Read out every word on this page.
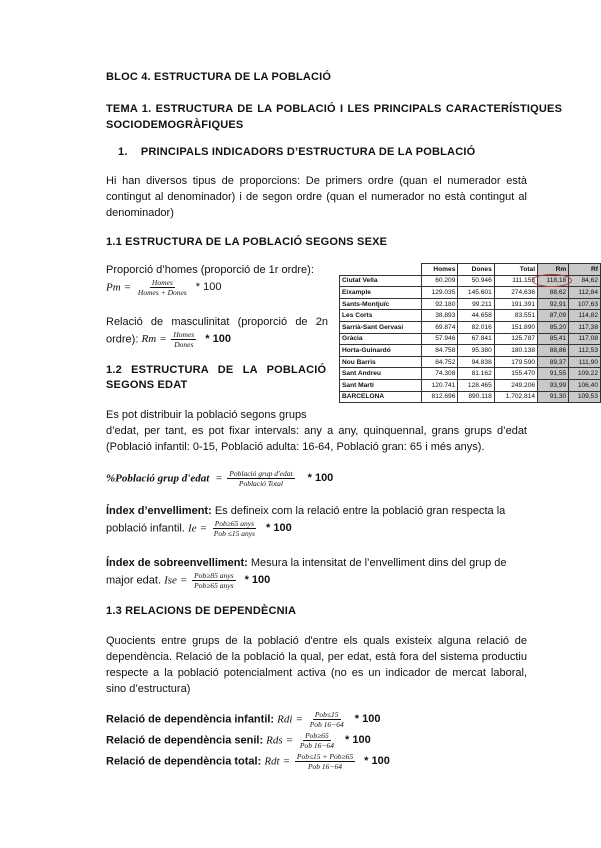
BLOC 4. ESTRUCTURA DE LA POBLACIÓ
TEMA 1. ESTRUCTURA DE LA POBLACIÓ I LES PRINCIPALS CARACTERÍSTIQUES
SOCIODEMOGRÀFIQUES
1. PRINCIPALS INDICADORS D’ESTRUCTURA DE LA POBLACIÓ
Hi han diversos tipus de proporcions: De primers ordre (quan el numerador està contingut al denominador) i de segon ordre (quan el numerador no està contingut al denominador)
1.1 ESTRUCTURA DE LA POBLACIÓ SEGONS SEXE
Proporció d’homes (proporció de 1r ordre):
$Pm = \frac{\text{Homes}}{\text{Homes + Dones}} * 100$
Relació de masculinitat (proporció de 2n ordre): $Rm = \frac{\text{Homes}}{\text{Dones}} * 100$
	Homes	Dones	Total	Rm	Rf
Ciutat Vella	60.209	50.946	111.155	118,18	84,62
Eixample	129.035	145.601	274.636	88,62	112,84
Sants-Montjuïc	92.180	99.211	191.391	92,91	107,63
Les Corts	38.893	44.658	83.551	87,09	114,82
Sarrià-Sant Gervasi	69.874	82.016	151.890	85,20	117,38
Gràcia	57.946	67.841	125.787	85,41	117,08
Horta-Guinardó	84.758	95.380	180.138	88,86	112,53
Nou Barris	84.752	94.838	179.590	89,37	111,90
Sant Andreu	74.308	81.162	155.470	91,55	109,22
Sant Martí	120.741	128.465	249.206	93,99	106,40
BARCELONA	812.696	890.118	1.702.814	91,30	109,53
1.2 ESTRUCTURA DE LA POBLACIÓ
SEGONS EDAT
Es pot distribuir la població segons grups
d’edat, per tant, es pot fixar intervals: any a any, quinquennal, grans grups d’edat (Població infantil: 0-15, Població adulta: 16-64, Població gran: 65 i més anys).
%Població grup d'edat  = $\frac{\text{Població grup d'edat}}{\text{Població Total}} * 100$
Índex d’envelliment: Es defineix com la relació entre la població gran respecta la
població infantil. $Ie = \frac{\text{Pob≥65 anys}}{\text{Pob ≤15 anys}} * 100$
Índex de sobreenvelliment: Mesura la intensitat de l’envelliment dins del grup de
major edat. Ise = $\frac{\text{Pob≥85 anys}}{\text{Pob≥65 anys}} * 100$
1.3 RELACIONS DE DEPENDÈCNIA
Quocients entre grups de la població d'entre els quals existeix alguna relació de dependència. Relació de la població la qual, per edat, està fora del sistema productiu respecte a la població potencialment activa (no es un indicador de mercat laboral, sino d’estructura)
Relació de dependència infantil: Rdi = $\frac{\text{Pob≤15}}{\text{Pob 16−64}} * 100$
Relació de dependència senil: Rds = $\frac{\text{Pob≥65}}{\text{Pob 16−64}} * 100$
Relació de dependència total: Rdt = $\frac{\text{Pob≤15 + Pob≥65}}{\text{Pob 16−64}} * 100$
